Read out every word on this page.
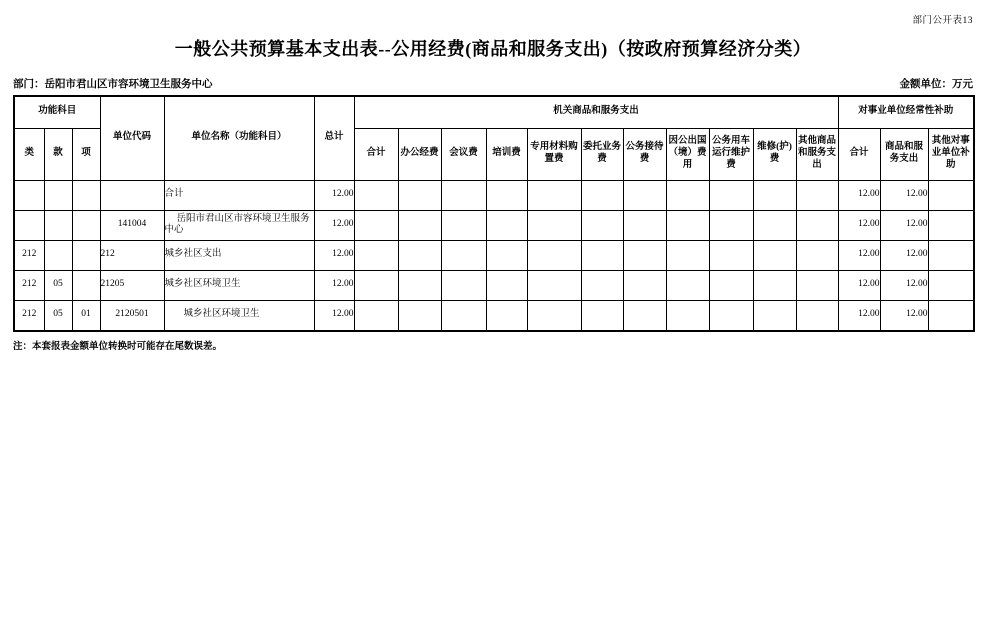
部门公开表13
一般公共预算基本支出表--公用经费(商品和服务支出)（按政府预算经济分类）
部门：岳阳市君山区市容环境卫生服务中心	金额单位：万元
功能科目			单位代码	单位名称（功能科目）	总计	机关商品和服务支出											对事业单位经常性补助		
类	款	项				合计	办公经费	会议费	培训费	专用材料购置费	委托业务费	公务接待费	因公出国（境）费用	公务用车运行维护费	维修(护)费	其他商品和服务支出	合计	商品和服务支出	其他对事业单位补助
				合计	12.00												12.00	12.00	
			141004	岳阳市君山区市容环境卫生服务中心	12.00												12.00	12.00	
212			212	城乡社区支出	12.00												12.00	12.00	
212	05		21205	城乡社区环境卫生	12.00												12.00	12.00	
212	05	01	2120501	城乡社区环境卫生	12.00												12.00	12.00	
注：本套报表金额单位转换时可能存在尾数误差。
